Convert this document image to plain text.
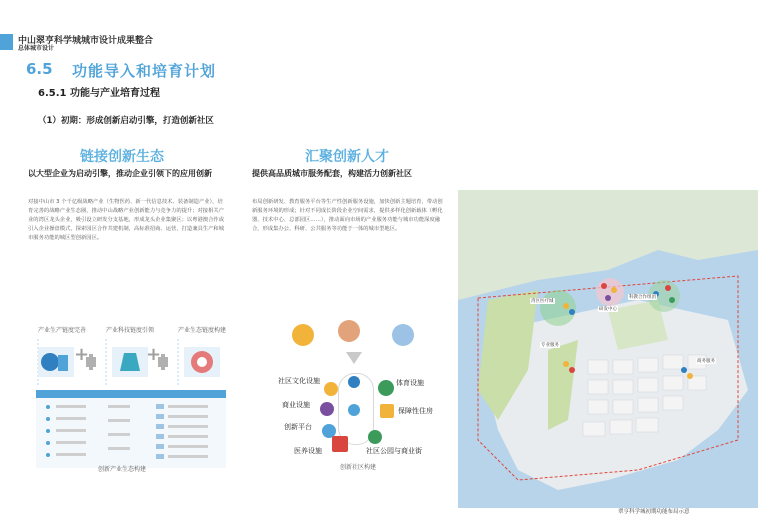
中山翠亨科学城城市设计成果整合
总体城市设计
6.5 功能导入和培育计划
6.5.1 功能与产业培育过程
（1）初期：形成创新启动引擎，打造创新社区
链接创新生态
以大型企业为启动引擎，推动企业引领下的应用创新
对接中山市 3 个千亿级战略产业（生物医药、新一代信息技术、装备制造产业），培育完善的战略产业生态圈，推动中山战略产业创新能力与竞争力的提升；对接相关产业的湾区龙头企业，吸引设立研发分支基地，形成龙头企业集聚区；以粤港澳合作或引入企业操盘模式，探索园区合作共建机制，高标准招商、运营，打造兼具生产和城市服务功能的城区型创新园区。
汇聚创新人才
提供高品质城市服务配套，构建活力创新社区
布局创新研发、教育服务平台等生产性创新服务设施，加快创新主题培育，带动创新服务环境的形成；针对不同成长阶段企业空间需求，提供多样化创新载体（孵化器、技术中心、总部园区……），推动面向市场的产业服务功能与城市功能深度融合，形成集办公、科研、公共服务等功能于一体的城市型地区。
产业生产链度完善	产业科技链度引领	产业生态链度构建
+	+
创新产业生态构建
社区文化设施	体育设施
商业设施
保障性住房
创新平台
医养设施	社区公园与商业街
创新社区构建
湾区医疗城
科教合作组团
研发中心
专业服务
商务服务
翠亨科学城初期功能布局示意
